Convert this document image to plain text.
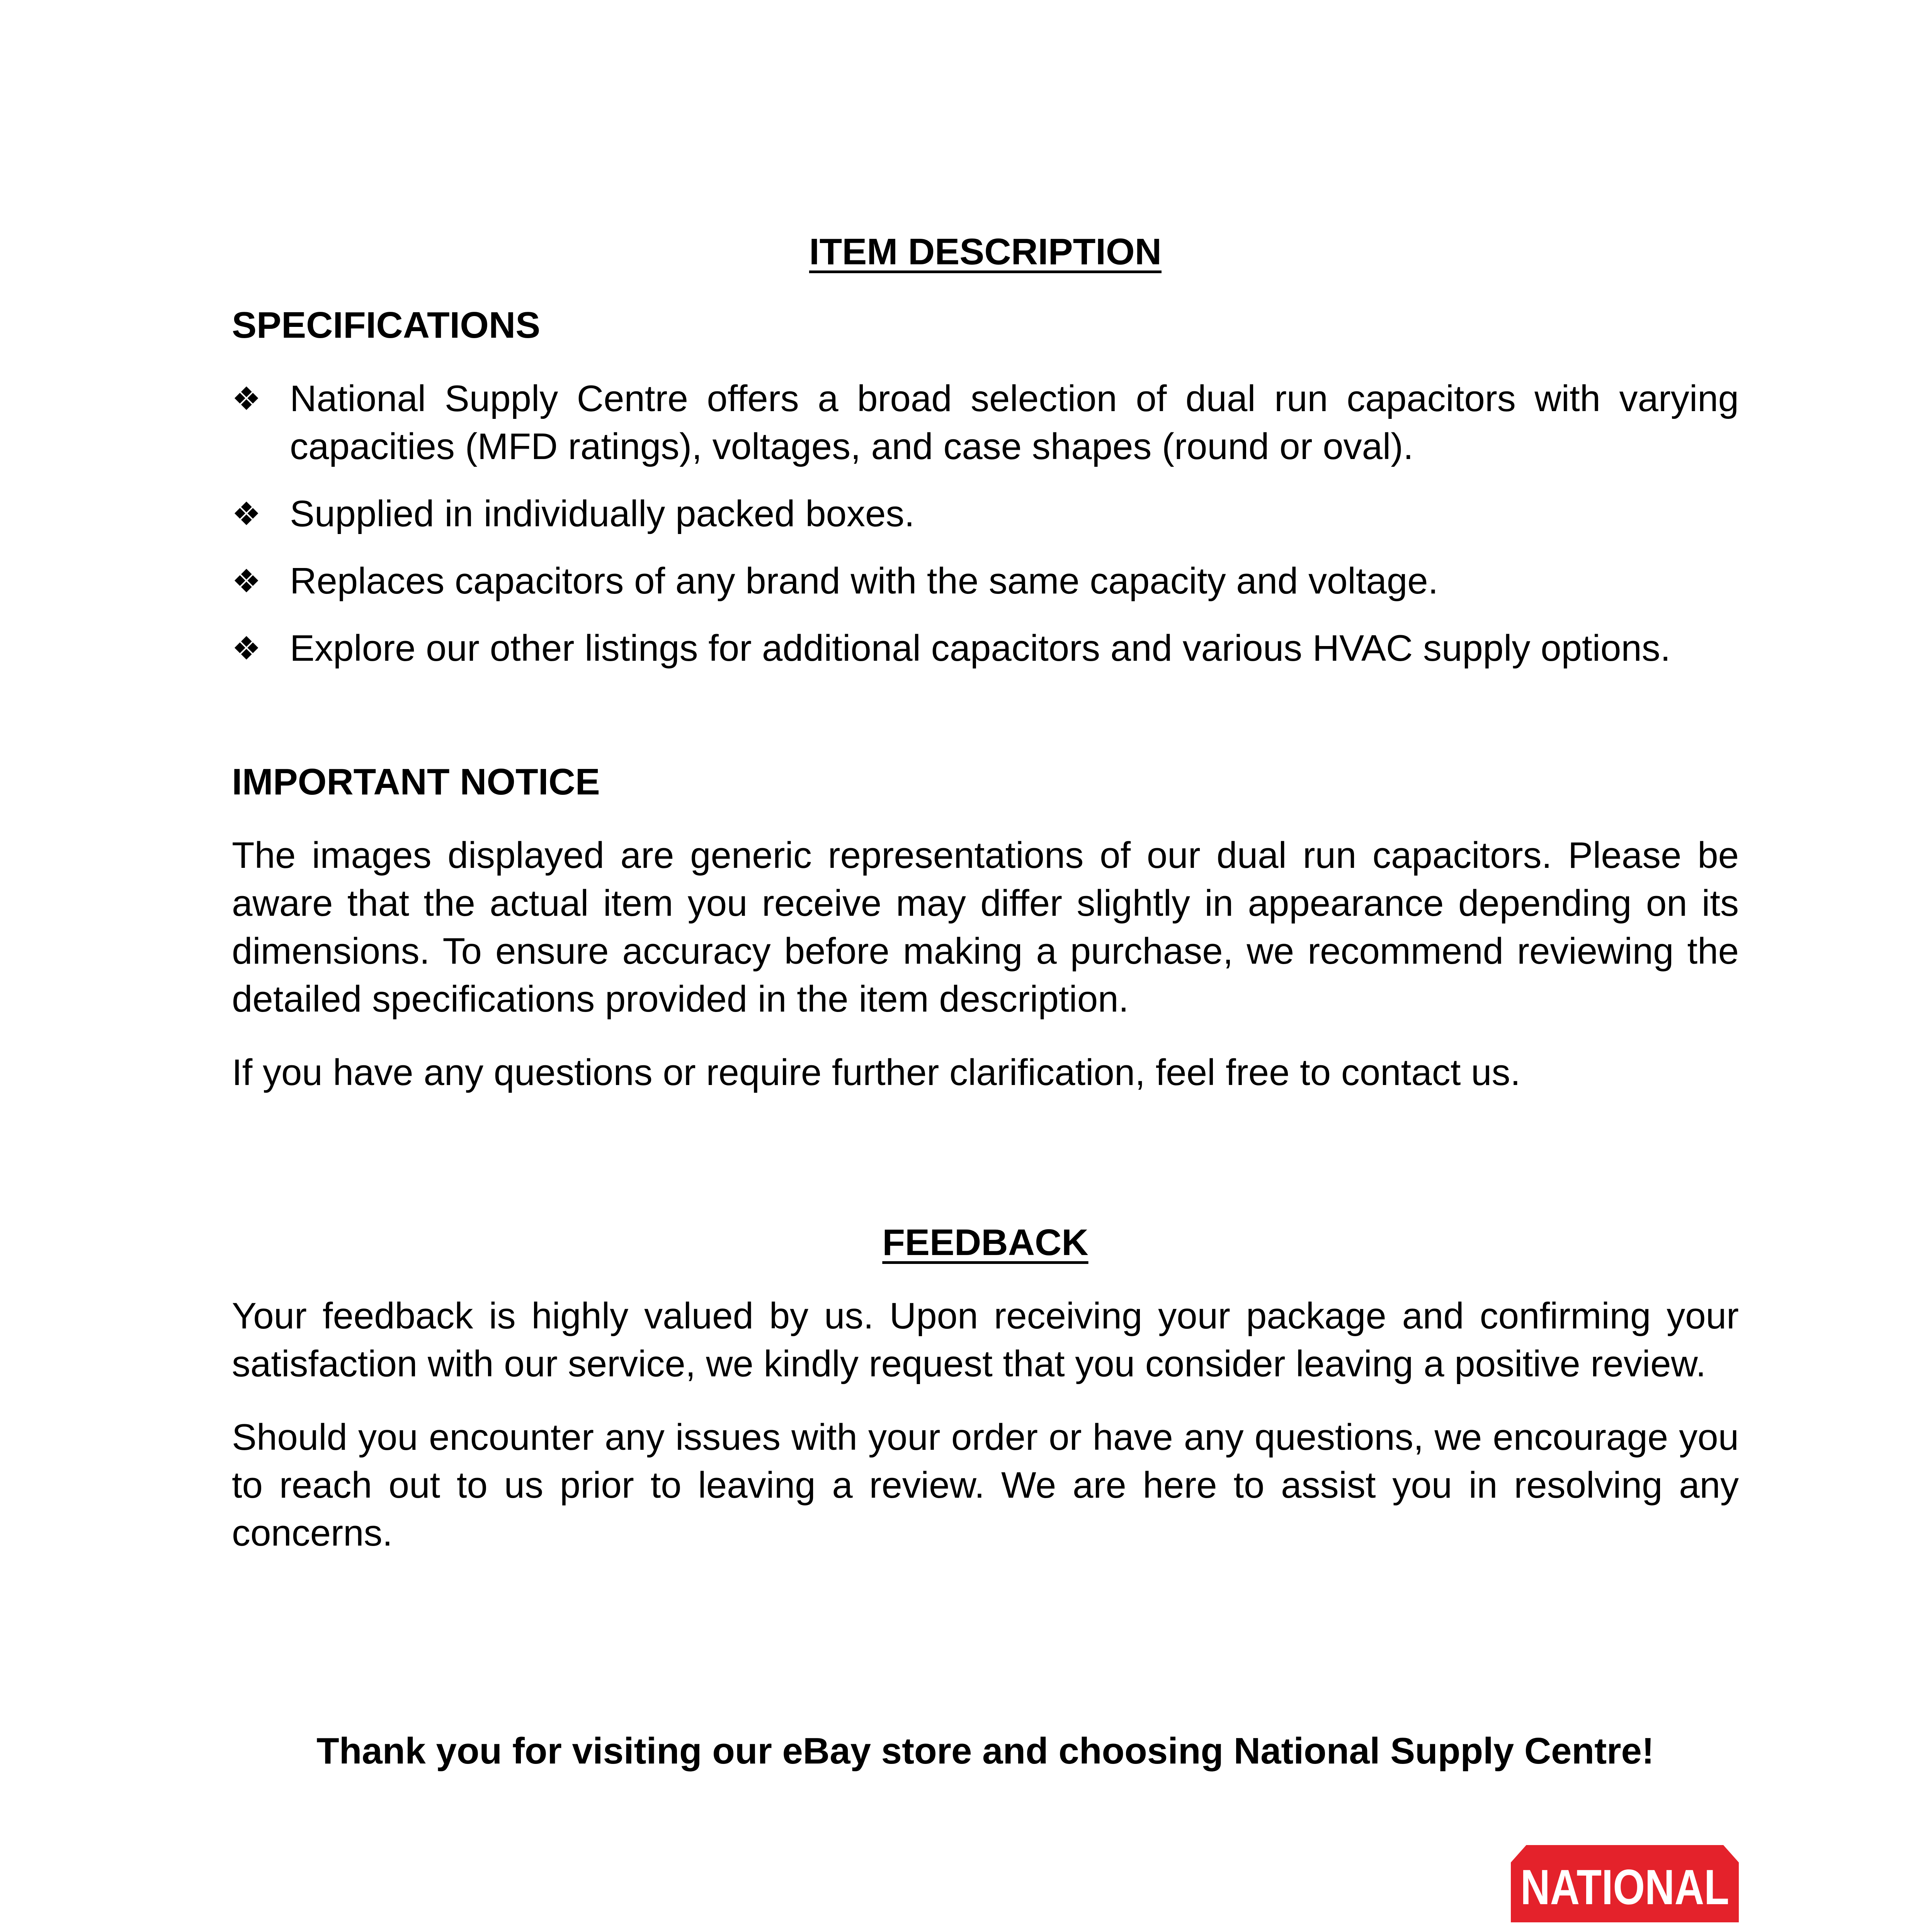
ITEM DESCRIPTION
SPECIFICATIONS
❖ National Supply Centre offers a broad selection of dual run capacitors with varying capacities (MFD ratings), voltages, and case shapes (round or oval).
❖ Supplied in individually packed boxes.
❖ Replaces capacitors of any brand with the same capacity and voltage.
❖ Explore our other listings for additional capacitors and various HVAC supply options.
IMPORTANT NOTICE

The images displayed are generic representations of our dual run capacitors. Please be aware that the actual item you receive may differ slightly in appearance depending on its dimensions. To ensure accuracy before making a purchase, we recommend reviewing the detailed specifications provided in the item description.

If you have any questions or require further clarification, feel free to contact us.

FEEDBACK

Your feedback is highly valued by us. Upon receiving your package and confirming your satisfaction with our service, we kindly request that you consider leaving a positive review.

Should you encounter any issues with your order or have any questions, we encourage you to reach out to us prior to leaving a review. We are here to assist you in resolving any concerns.

Thank you for visiting our eBay store and choosing National Supply Centre!

NATIONAL
